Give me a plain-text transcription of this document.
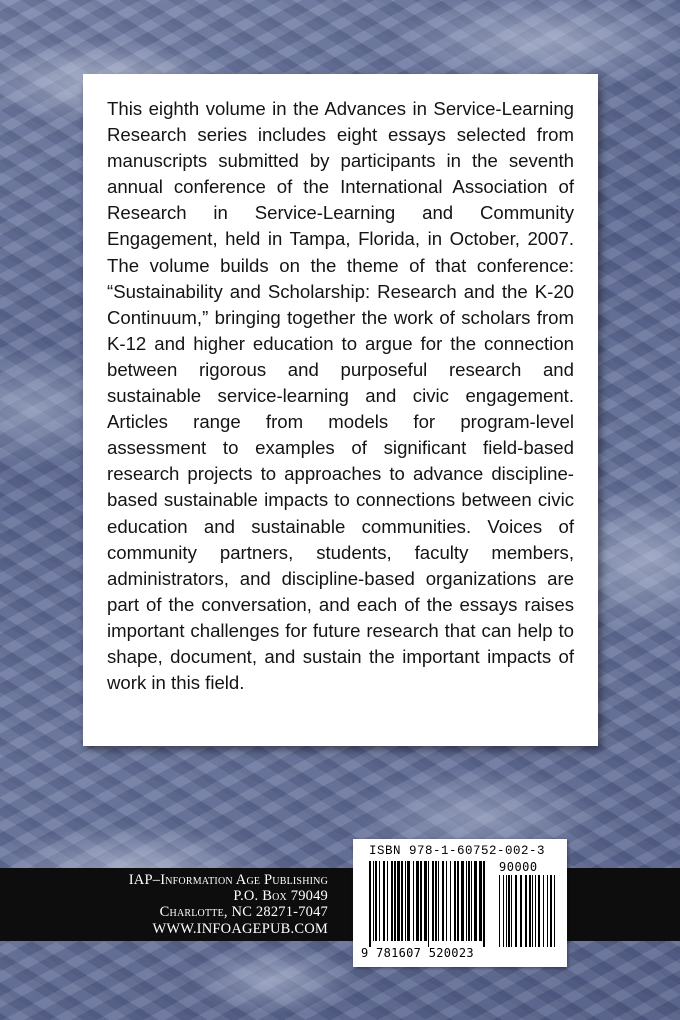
This eighth volume in the Advances in Service-Learning Research series includes eight essays selected from manuscripts submitted by participants in the seventh annual conference of the International Association of Research in Service-Learning and Community Engagement, held in Tampa, Florida, in October, 2007. The volume builds on the theme of that conference: “Sustainability and Scholarship: Research and the K-20 Continuum,” bringing together the work of scholars from K-12 and higher education to argue for the connection between rigorous and purposeful research and sustainable service-learning and civic engagement. Articles range from models for program-level assessment to examples of significant field-based research projects to approaches to advance discipline-based sustainable impacts to connections between civic education and sustainable communities. Voices of community partners, students, faculty members, administrators, and discipline-based organizations are part of the conversation, and each of the essays raises important challenges for future research that can help to shape, document, and sustain the important impacts of work in this field.

IAP–Information Age Publishing
P.O. Box 79049
Charlotte, NC 28271-7047
WWW.INFOAGEPUB.COM
ISBN 978-1-60752-002-3
90000
9 781607 520023
